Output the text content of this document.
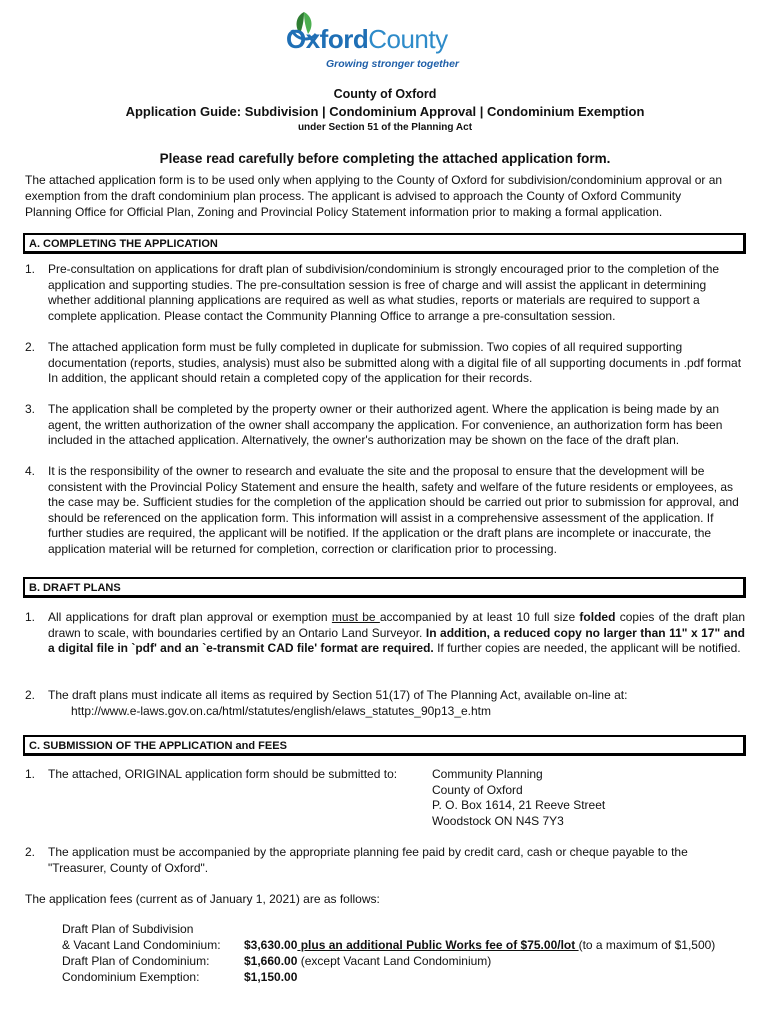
OxfordCounty
Growing stronger together
County of Oxford
Application Guide: Subdivision | Condominium Approval | Condominium Exemption
under Section 51 of the Planning Act
Please read carefully before completing the attached application form.
The attached application form is to be used only when applying to the County of Oxford for subdivision/condominium approval or an exemption from the draft condominium plan process. The applicant is advised to approach the County of Oxford Community Planning Office for Official Plan, Zoning and Provincial Policy Statement information prior to making a formal application.
A. COMPLETING THE APPLICATION
1. Pre-consultation on applications for draft plan of subdivision/condominium is strongly encouraged prior to the completion of the application and supporting studies. The pre-consultation session is free of charge and will assist the applicant in determining whether additional planning applications are required as well as what studies, reports or materials are required to support a complete application. Please contact the Community Planning Office to arrange a pre-consultation session.
2. The attached application form must be fully completed in duplicate for submission. Two copies of all required supporting documentation (reports, studies, analysis) must also be submitted along with a digital file of all supporting documents in .pdf format In addition, the applicant should retain a completed copy of the application for their records.
3. The application shall be completed by the property owner or their authorized agent. Where the application is being made by an agent, the written authorization of the owner shall accompany the application. For convenience, an authorization form has been included in the attached application. Alternatively, the owner's authorization may be shown on the face of the draft plan.
4. It is the responsibility of the owner to research and evaluate the site and the proposal to ensure that the development will be consistent with the Provincial Policy Statement and ensure the health, safety and welfare of the future residents or employees, as the case may be. Sufficient studies for the completion of the application should be carried out prior to submission for approval, and should be referenced on the application form. This information will assist in a comprehensive assessment of the application. If further studies are required, the applicant will be notified. If the application or the draft plans are incomplete or inaccurate, the application material will be returned for completion, correction or clarification prior to processing.
B. DRAFT PLANS
1. All applications for draft plan approval or exemption must be accompanied by at least 10 full size folded copies of the draft plan drawn to scale, with boundaries certified by an Ontario Land Surveyor. In addition, a reduced copy no larger than 11" x 17" and a digital file in `pdf' and an `e-transmit CAD file' format are required. If further copies are needed, the applicant will be notified.
2. The draft plans must indicate all items as required by Section 51(17) of The Planning Act, available on-line at:
http://www.e-laws.gov.on.ca/html/statutes/english/elaws_statutes_90p13_e.htm
C. SUBMISSION OF THE APPLICATION and FEES
1. The attached, ORIGINAL application form should be submitted to:	Community Planning
County of Oxford
P. O. Box 1614, 21 Reeve Street
Woodstock ON N4S 7Y3
2. The application must be accompanied by the appropriate planning fee paid by credit card, cash or cheque payable to the "Treasurer, County of Oxford".
The application fees (current as of January 1, 2021) are as follows:
Draft Plan of Subdivision
& Vacant Land Condominium: $3,630.00 plus an additional Public Works fee of $75.00/lot (to a maximum of $1,500)
Draft Plan of Condominium:	$1,660.00 (except Vacant Land Condominium)
Condominium Exemption:	$1,150.00
